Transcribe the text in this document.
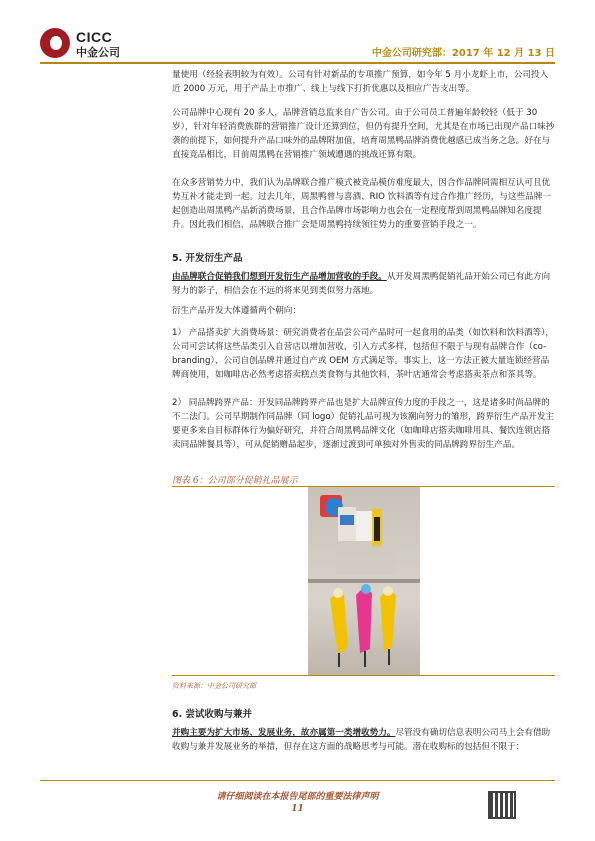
CICC
中金公司	中金公司研究部：2017 年 12 月 13 日

量使用（经验表明较为有效）。公司有针对新品的专项推广预算，如今年 5 月小龙虾上市，公司投入近 2000 万元，用于产品上市推广、线上与线下打折优惠以及相应广告支出等。

公司品牌中心现有 20 多人，品牌营销总监来自广告公司。由于公司员工普遍年龄较轻（低于 30 岁），针对年轻消费族群的营销推广设计还算到位，但仍有提升空间，尤其是在市场已出现产品口味抄袭的前提下，如何提升产品口味外的品牌附加值，培育周黑鸭品牌消费优越感已成当务之急。好在与直接竞品相比，目前周黑鸭在营销推广领域遭遇的挑战还算有限。

在众多营销势力中，我们认为品牌联合推广模式被竞品模仿难度最大，因合作品牌同需相互认可且优势互补才能走到一起。过去几年，周黑鸭曾与喜酒、RIO 饮料酒等有过合作推广经历，与这些品牌一起创造出周黑鸭产品新消费场景，且合作品牌市场影响力也会在一定程度帮到周黑鸭品牌知名度提升。因此我们相信，品牌联合推广会是周黑鸭持续领往势力的重要营销手段之一。

5. 开发衍生产品

由品牌联合促销我们想到开发衍生产品增加营收的手段。从开发周黑鸭促销礼品开始公司已有此方向努力的影子，相信会在不远的将来见到类似努力落地。

衍生产品开发大体遵循两个朝向：

1） 产品搭卖扩大消费场景：研究消费者在品尝公司产品时可一起食用的品类（如饮料和饮料酒等），公司可尝试将这些品类引入自营店以增加营收，引入方式多样，包括但不限于与现有品牌合作（co-branding）、公司自创品牌并通过自产或 OEM 方式满足等。事实上，这一方法正被大量连锁经营品牌商使用，如咖啡店必然考虑搭卖糕点类食物与其他饮料，茶叶店通常会考虑搭卖茶点和茶具等。

2） 同品牌跨界产品：开发同品牌跨界产品也是扩大品牌宣传力度的手段之一，这是诸多时尚品牌的不二法门。公司早期制作同品牌（同 logo）促销礼品可视为该潮向努力的雏形，跨界衍生产品开发主要更多来自目标群体行为偏好研究，并符合周黑鸭品牌文化（如咖啡店搭卖咖啡用具、餐饮连锁店搭卖同品牌餐具等），可从促销赠品起步，逐渐过渡到可单独对外售卖的同品牌跨界衍生产品。

图表 6：公司部分促销礼品展示
资料来源：中金公司研究部
6. 尝试收购与兼并

并购主要为扩大市场、发展业务，故亦属第一类增收势力。尽管没有确切信息表明公司马上会有借助收购与兼并发展业务的举措，但存在这方面的战略思考与可能。潜在收购标的包括但不限于：

请仔细阅读在本报告尾部的重要法律声明
11
